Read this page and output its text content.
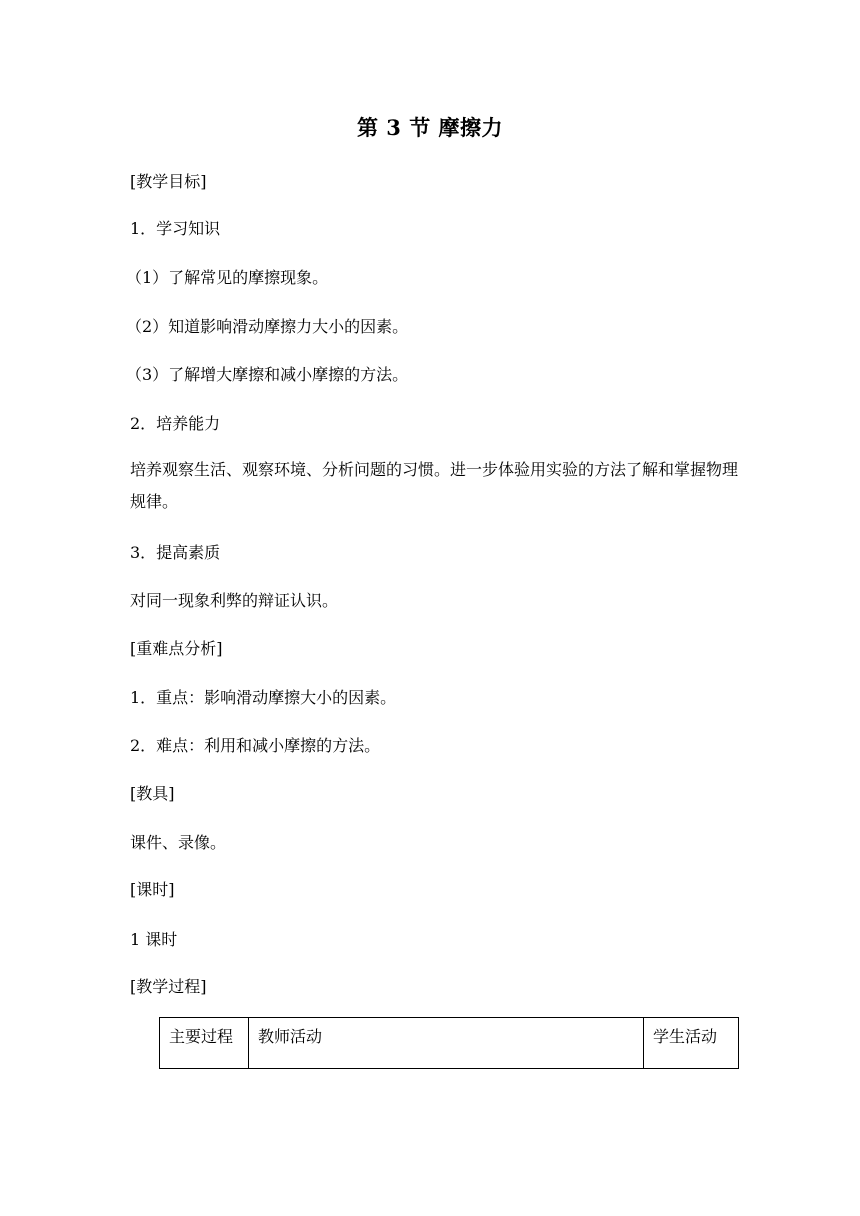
第 3 节 摩擦力
[教学目标]
1．学习知识
（1）了解常见的摩擦现象。
（2）知道影响滑动摩擦力大小的因素。
（3）了解增大摩擦和减小摩擦的方法。
2．培养能力
培养观察生活、观察环境、分析问题的习惯。进一步体验用实验的方法了解和掌握物理规律。
3．提高素质
对同一现象利弊的辩证认识。
[重难点分析]
1．重点：影响滑动摩擦大小的因素。
2．难点：利用和减小摩擦的方法。
[教具]
课件、录像。
[课时]
1 课时
[教学过程]
主要过程	教师活动	学生活动
